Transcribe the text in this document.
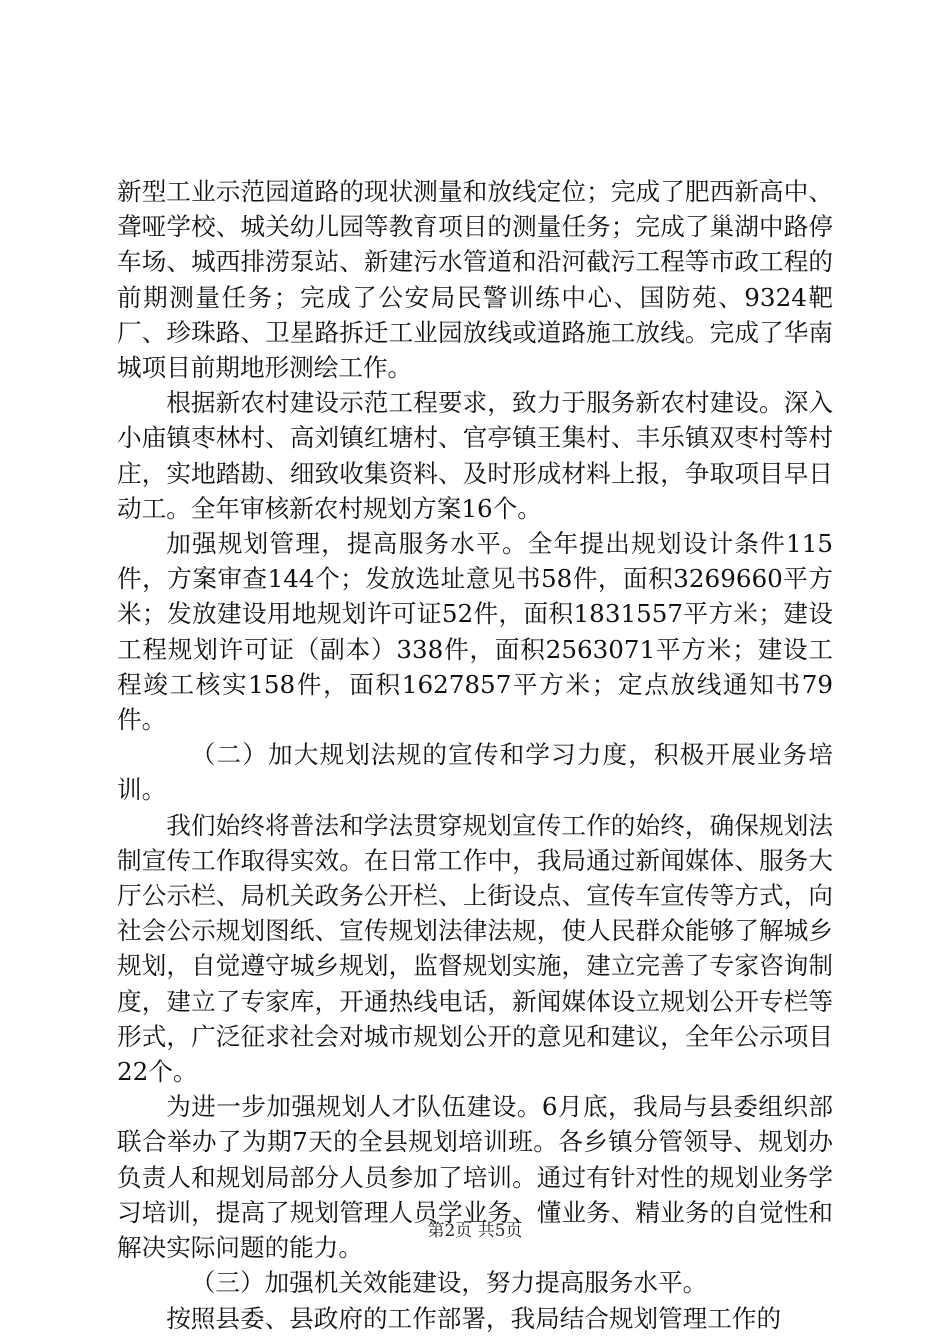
新型工业示范园道路的现状测量和放线定位；完成了肥西新高中、聋哑学校、城关幼儿园等教育项目的测量任务；完成了巢湖中路停车场、城西排涝泵站、新建污水管道和沿河截污工程等市政工程的前期测量任务；完成了公安局民警训练中心、国防苑、9324靶厂、珍珠路、卫星路拆迁工业园放线或道路施工放线。完成了华南城项目前期地形测绘工作。

根据新农村建设示范工程要求，致力于服务新农村建设。深入小庙镇枣林村、高刘镇红塘村、官亭镇王集村、丰乐镇双枣村等村庄，实地踏勘、细致收集资料、及时形成材料上报，争取项目早日动工。全年审核新农村规划方案16个。

加强规划管理，提高服务水平。全年提出规划设计条件115件，方案审查144个；发放选址意见书58件，面积3269660平方米；发放建设用地规划许可证52件，面积1831557平方米；建设工程规划许可证（副本）338件，面积2563071平方米；建设工程竣工核实158件，面积1627857平方米；定点放线通知书79件。

（二）加大规划法规的宣传和学习力度，积极开展业务培训。

我们始终将普法和学法贯穿规划宣传工作的始终，确保规划法制宣传工作取得实效。在日常工作中，我局通过新闻媒体、服务大厅公示栏、局机关政务公开栏、上街设点、宣传车宣传等方式，向社会公示规划图纸、宣传规划法律法规，使人民群众能够了解城乡规划，自觉遵守城乡规划，监督规划实施，建立完善了专家咨询制度，建立了专家库，开通热线电话，新闻媒体设立规划公开专栏等形式，广泛征求社会对城市规划公开的意见和建议，全年公示项目22个。

为进一步加强规划人才队伍建设。6月底，我局与县委组织部联合举办了为期7天的全县规划培训班。各乡镇分管领导、规划办负责人和规划局部分人员参加了培训。通过有针对性的规划业务学习培训，提高了规划管理人员学业务、懂业务、精业务的自觉性和解决实际问题的能力。

（三）加强机关效能建设，努力提高服务水平。

按照县委、县政府的工作部署，我局结合规划管理工作的

第2页 共5页
